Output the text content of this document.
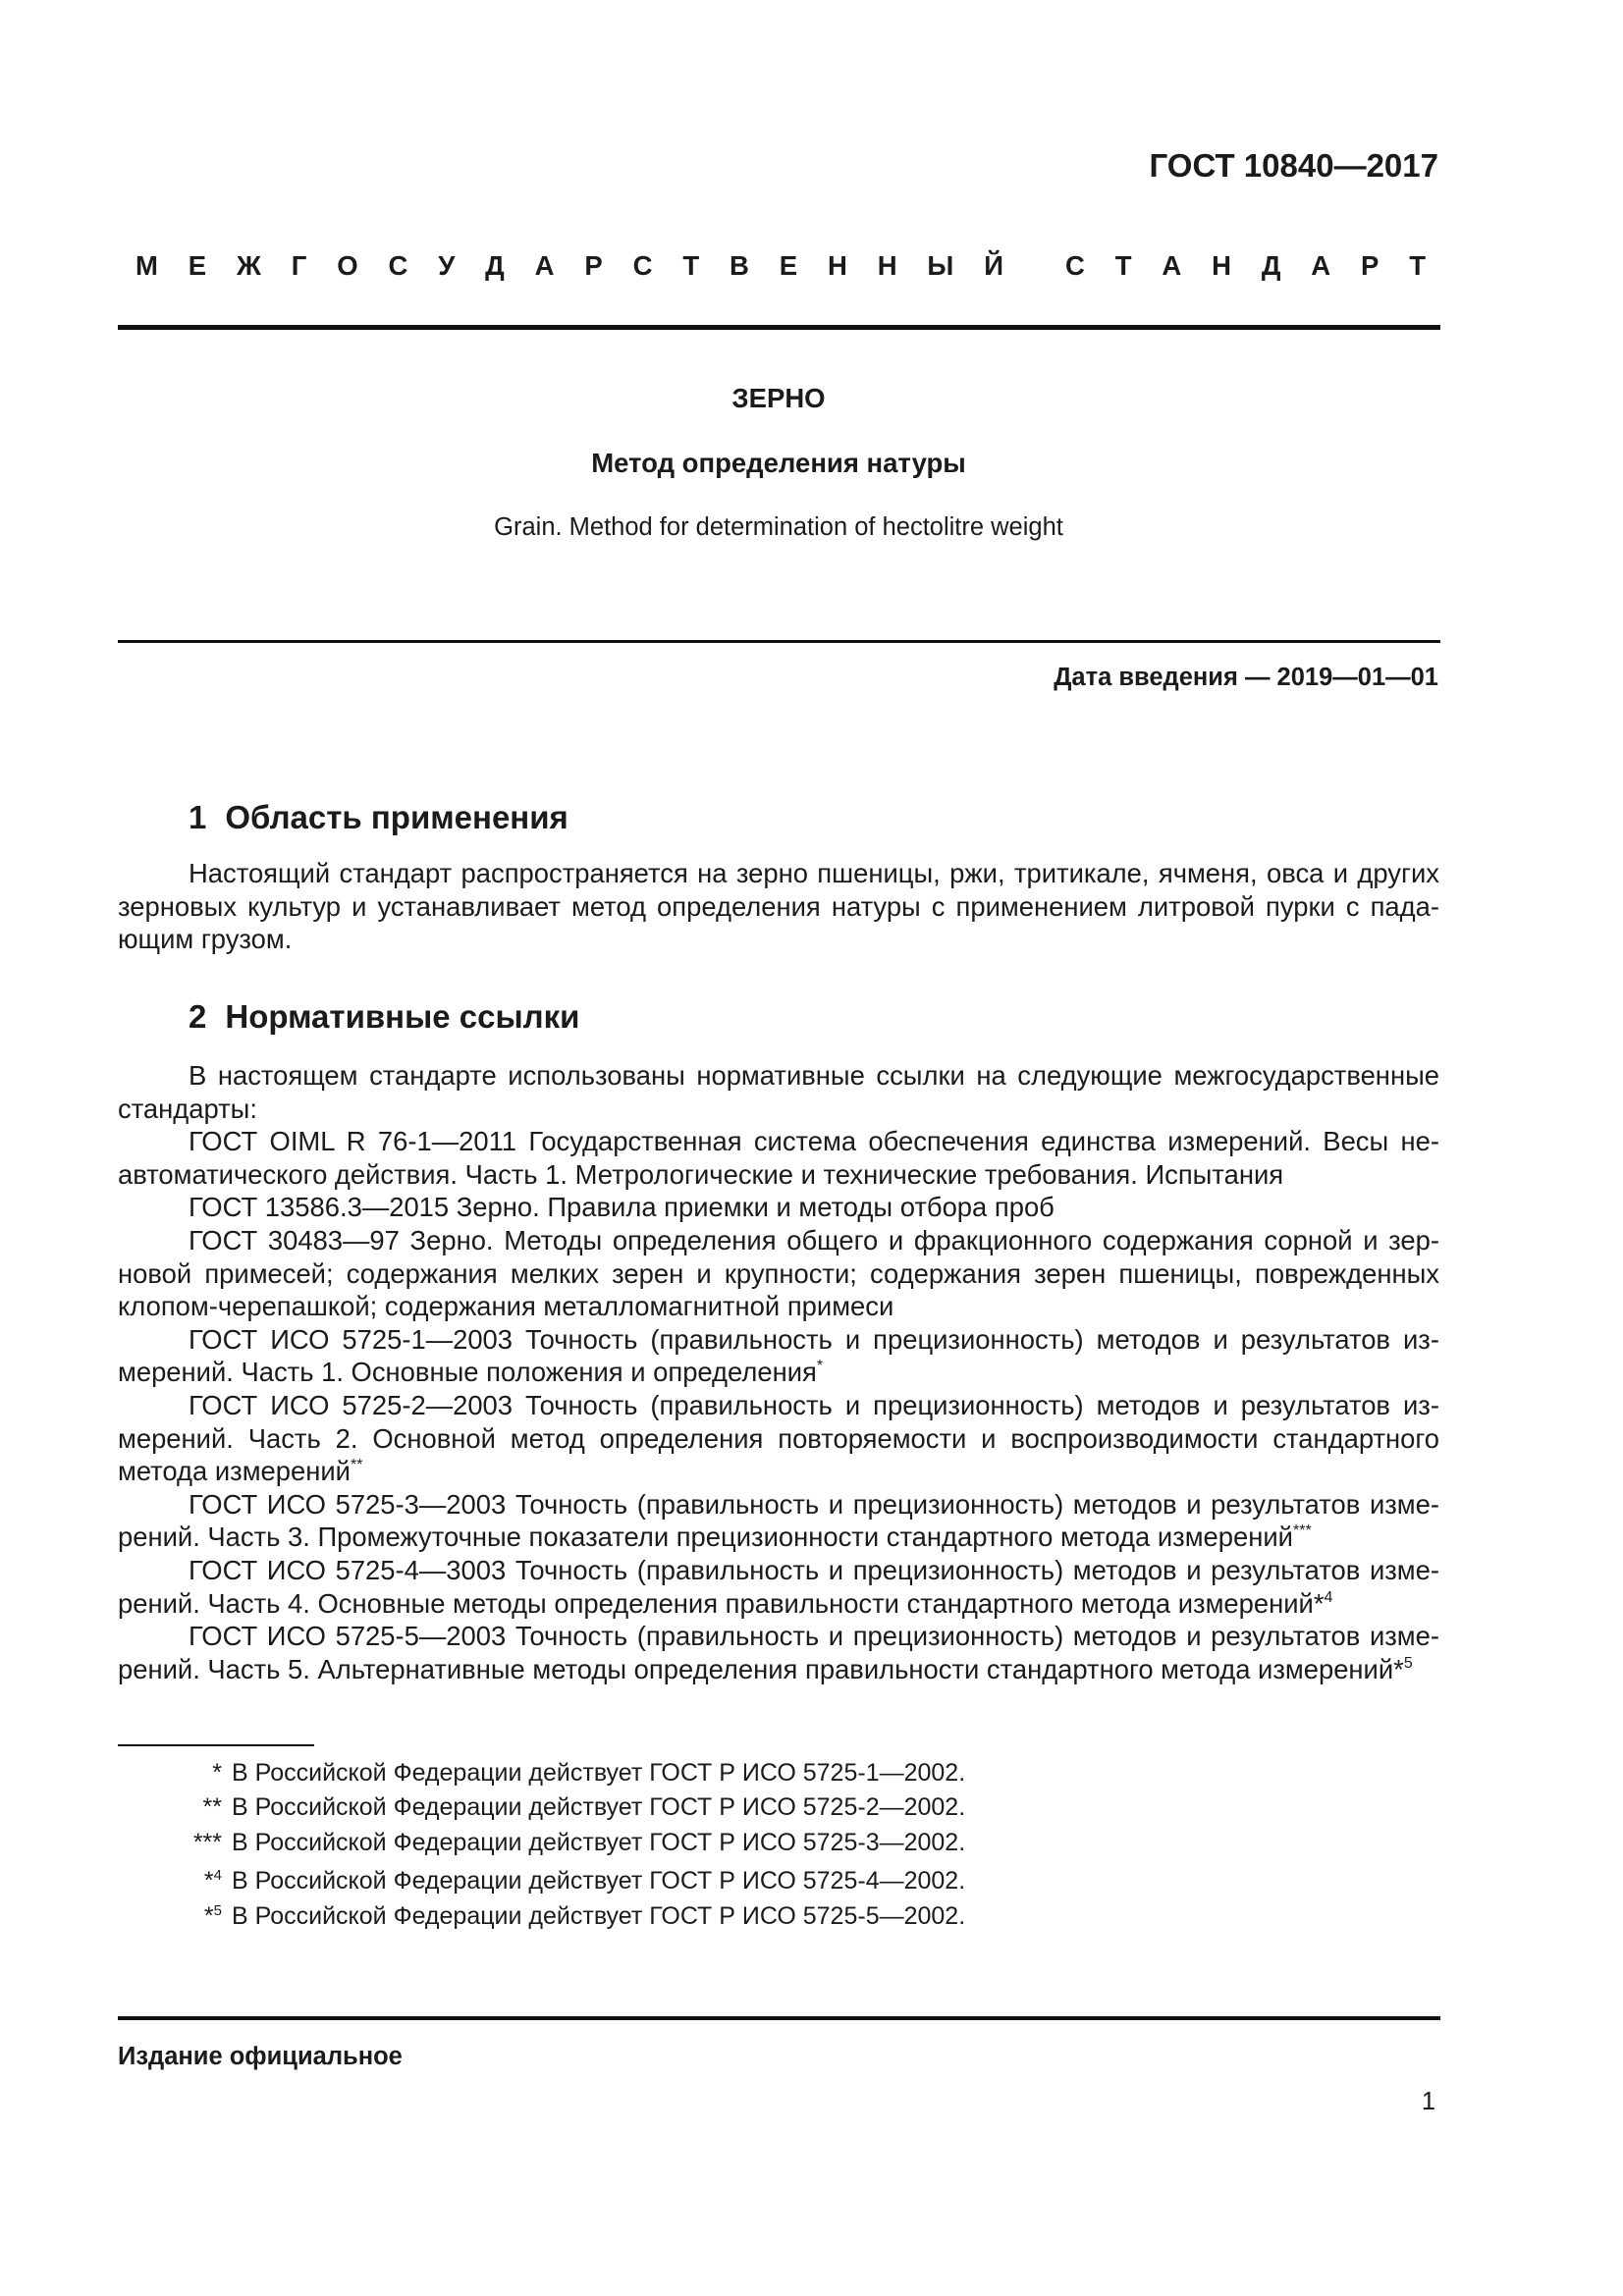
ГОСТ 10840—2017
М Е Ж Г О С У Д А Р С Т В Е Н Н Ы Й С Т А Н Д А Р Т
ЗЕРНО
Метод определения натуры
Grain. Method for determination of hectolitre weight
Дата введения — 2019—01—01
1 Область применения
Настоящий стандарт распространяется на зерно пшеницы, ржи, тритикале, ячменя, овса и других
зерновых культур и устанавливает метод определения натуры с применением литровой пурки с пада-
ющим грузом.
2 Нормативные ссылки
В настоящем стандарте использованы нормативные ссылки на следующие межгосударственные
стандарты:
ГОСТ OIML R 76-1—2011 Государственная система обеспечения единства измерений. Весы не-
автоматического действия. Часть 1. Метрологические и технические требования. Испытания
ГОСТ 13586.3—2015 Зерно. Правила приемки и методы отбора проб
ГОСТ 30483—97 Зерно. Методы определения общего и фракционного содержания сорной и зер-
новой примесей; содержания мелких зерен и крупности; содержания зерен пшеницы, поврежденных
клопом-черепашкой; содержания металломагнитной примеси
ГОСТ ИСО 5725-1—2003 Точность (правильность и прецизионность) методов и результатов из-
мерений. Часть 1. Основные положения и определения*
ГОСТ ИСО 5725-2—2003 Точность (правильность и прецизионность) методов и результатов из-
мерений. Часть 2. Основной метод определения повторяемости и воспроизводимости стандартного
метода измерений**
ГОСТ ИСО 5725-3—2003 Точность (правильность и прецизионность) методов и результатов изме-
рений. Часть 3. Промежуточные показатели прецизионности стандартного метода измерений***
ГОСТ ИСО 5725-4—3003 Точность (правильность и прецизионность) методов и результатов изме-
рений. Часть 4. Основные методы определения правильности стандартного метода измерений*$^4$
ГОСТ ИСО 5725-5—2003 Точность (правильность и прецизионность) методов и результатов изме-
рений. Часть 5. Альтернативные методы определения правильности стандартного метода измерений*$^5$
* В Российской Федерации действует ГОСТ Р ИСО 5725-1—2002.
** В Российской Федерации действует ГОСТ Р ИСО 5725-2—2002.
*** В Российской Федерации действует ГОСТ Р ИСО 5725-3—2002.
*$^4$ В Российской Федерации действует ГОСТ Р ИСО 5725-4—2002.
*$^5$ В Российской Федерации действует ГОСТ Р ИСО 5725-5—2002.
Издание официальное
1
